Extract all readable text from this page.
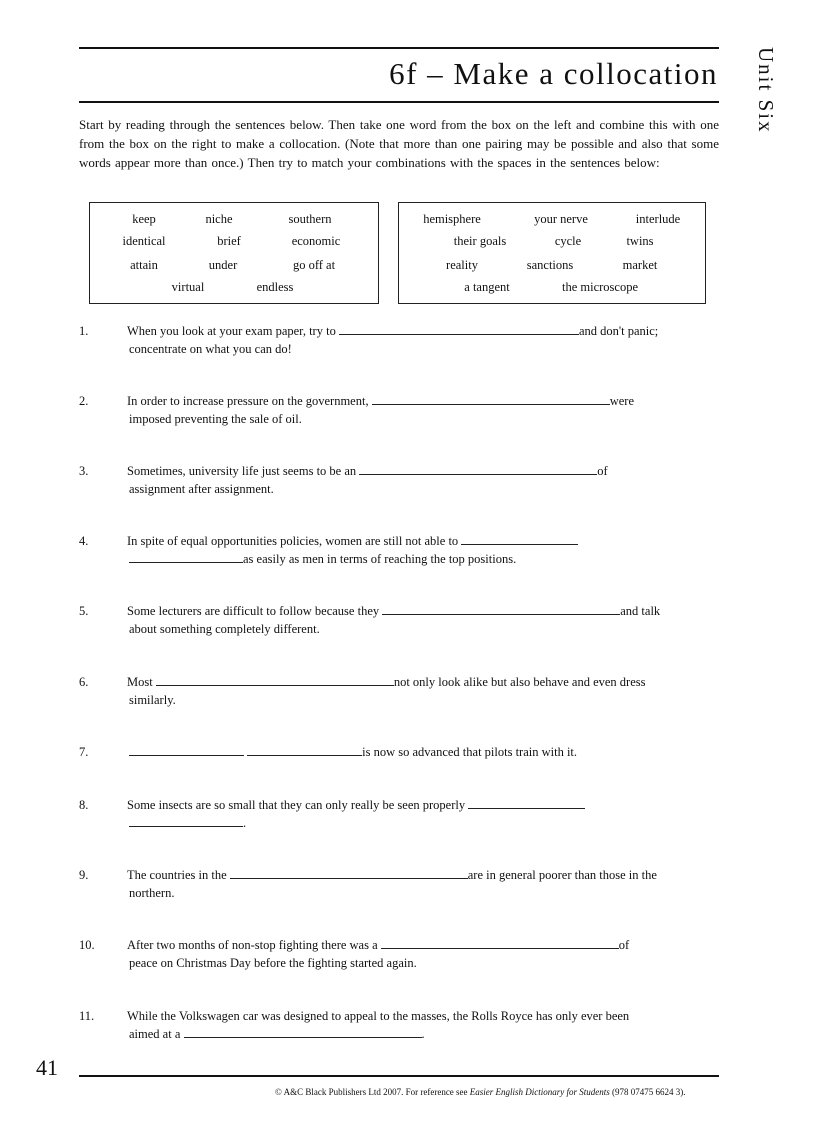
6f – Make a collocation Unit Six
Start by reading through the sentences below. Then take one word from the box on the left and combine this with one from the box on the right to make a collocation. (Note that more than one pairing may be possible and also that some words appear more than once.) Then try to match your combinations with the spaces in the sentences below:
keep	niche	southern
identical	brief	economic
attain	under	go off at
virtual	endless
hemisphere	your nerve	interlude
their goals	cycle	twins
reality	sanctions	market
a tangent	the microscope
1.	When you look at your exam paper, try to	and don't panic;
concentrate on what you can do!
2.	In order to increase pressure on the government,	were
imposed preventing the sale of oil.
3.	Sometimes, university life just seems to be an	of
assignment after assignment.
4.	In spite of equal opportunities policies, women are still not able to
as easily as men in terms of reaching the top positions.
5.	Some lecturers are difficult to follow because they	and talk
about something completely different.
6.	Most	not only look alike but also behave and even dress
similarly.
7.	is now so advanced that pilots train with it.
8.	Some insects are so small that they can only really be seen properly
.
9.	The countries in the	are in general poorer than those in the
northern.
10.	After two months of non-stop fighting there was a	of
peace on Christmas Day before the fighting started again.
11.	While the Volkswagen car was designed to appeal to the masses, the Rolls Royce has only ever been
aimed at a	.
41
© A&C Black Publishers Ltd 2007. For reference see Easier English Dictionary for Students (978 07475 6624 3).
